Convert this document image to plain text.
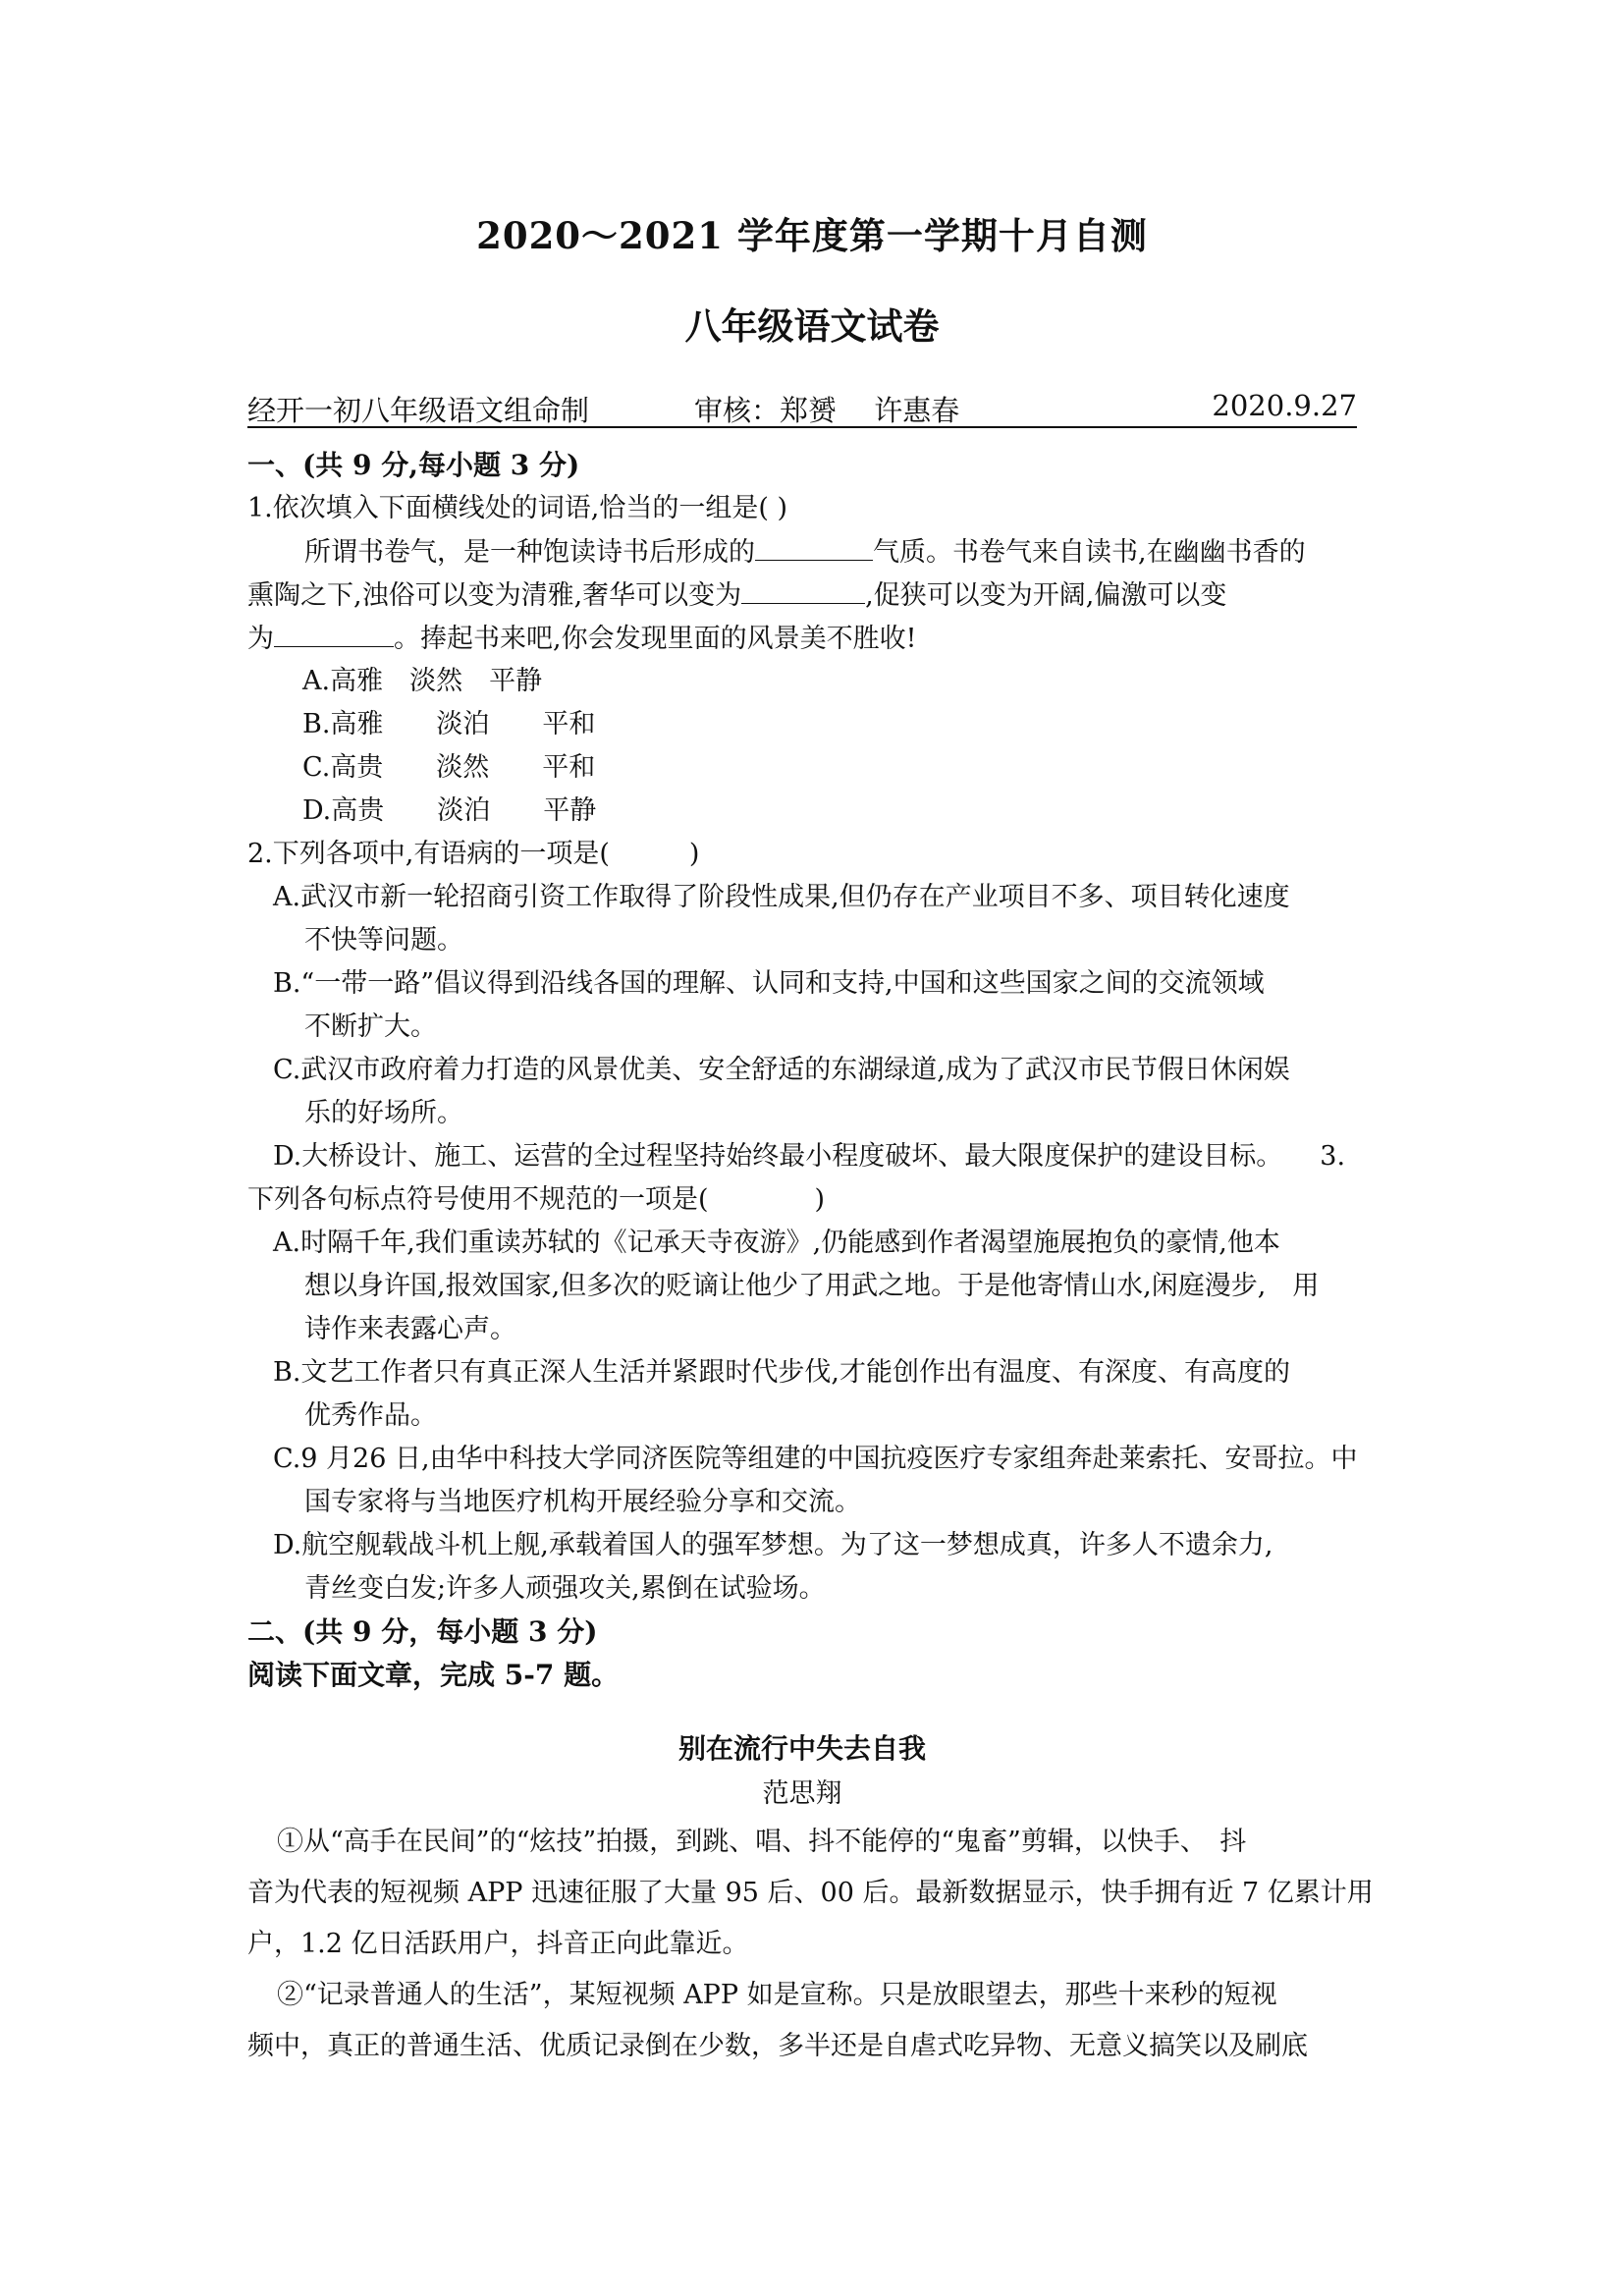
2020～2021 学年度第一学期十月自测
八年级语文试卷
经开一初八年级语文组命制	审核：郑赟　 许惠春	2020.9.27
一、(共 9 分,每小题 3 分)
1.依次填入下面横线处的词语,恰当的一组是( )
所谓书卷气，是一种饱读诗书后形成的	气质。书卷气来自读书,在幽幽书香的
熏陶之下,浊俗可以变为清雅,奢华可以变为	,促狭可以变为开阔,偏激可以变
为	。捧起书来吧,你会发现里面的风景美不胜收!
A.高雅　淡然　平静
B.高雅　　淡泊　　平和
C.高贵　　淡然　　平和
D.高贵　　淡泊　　平静
2.下列各项中,有语病的一项是(　　　)
A.武汉市新一轮招商引资工作取得了阶段性成果,但仍存在产业项目不多、项目转化速度
不快等问题。
B.“一带一路”倡议得到沿线各国的理解、认同和支持,中国和这些国家之间的交流领域
不断扩大。
C.武汉市政府着力打造的风景优美、安全舒适的东湖绿道,成为了武汉市民节假日休闲娱
乐的好场所。
D.大桥设计、施工、运营的全过程坚持始终最小程度破坏、最大限度保护的建设目标。 3.
下列各句标点符号使用不规范的一项是(　　　　)
A.时隔千年,我们重读苏轼的《记承天寺夜游》,仍能感到作者渴望施展抱负的豪情,他本
想以身许国,报效国家,但多次的贬谪让他少了用武之地。于是他寄情山水,闲庭漫步,　用
诗作来表露心声。
B.文艺工作者只有真正深人生活并紧跟时代步伐,才能创作出有温度、有深度、有高度的
优秀作品。
C.9 月26 日,由华中科技大学同济医院等组建的中国抗疫医疗专家组奔赴莱索托、安哥拉。中
国专家将与当地医疗机构开展经验分享和交流。
D.航空舰载战斗机上舰,承载着国人的强军梦想。为了这一梦想成真，许多人不遗余力,
青丝变白发;许多人顽强攻关,累倒在试验场。
二、(共 9 分，每小题 3 分)
阅读下面文章，完成 5-7 题。
别在流行中失去自我
范思翔
①从“高手在民间”的“炫技”拍摄，到跳、唱、抖不能停的“鬼畜”剪辑，以快手、　抖
音为代表的短视频 APP 迅速征服了大量 95 后、00 后。最新数据显示，快手拥有近 7 亿累计用
户，1.2 亿日活跃用户，抖音正向此靠近。
②“记录普通人的生活”，某短视频 APP 如是宣称。只是放眼望去，那些十来秒的短视
频中，真正的普通生活、优质记录倒在少数，多半还是自虐式吃异物、无意义搞笑以及刷底
